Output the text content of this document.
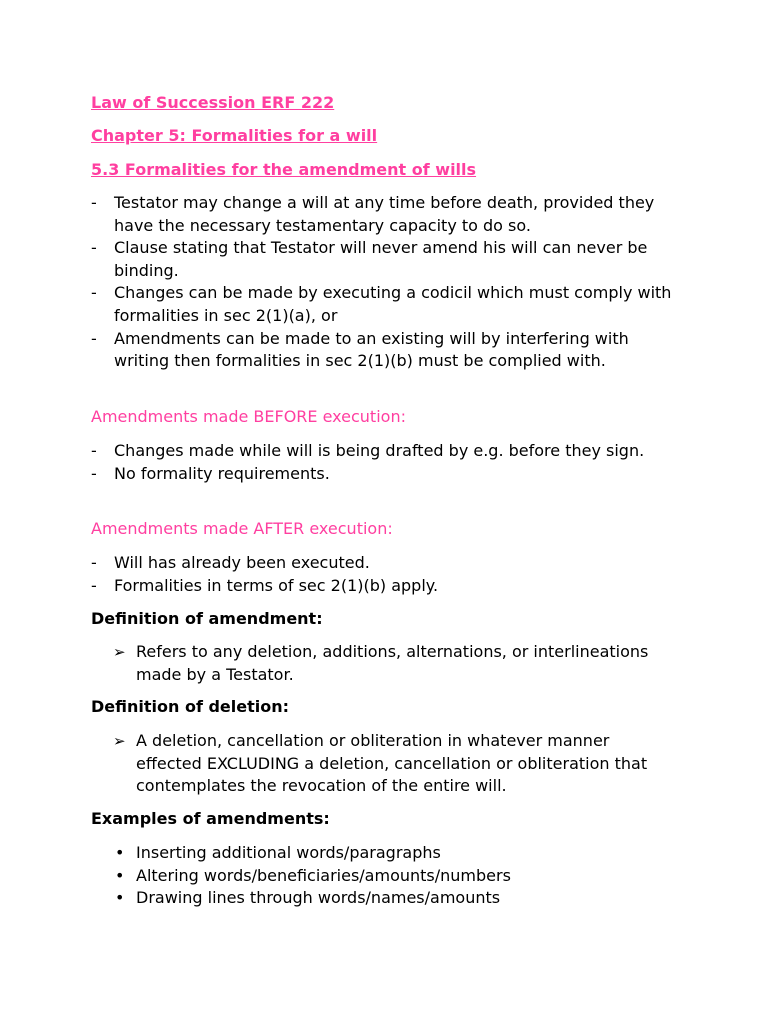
Law of Succession ERF 222
Chapter 5: Formalities for a will
5.3 Formalities for the amendment of wills
- Testator may change a will at any time before death, provided they have the necessary testamentary capacity to do so.
- Clause stating that Testator will never amend his will can never be binding.
- Changes can be made by executing a codicil which must comply with formalities in sec 2(1)(a), or
- Amendments can be made to an existing will by interfering with writing then formalities in sec 2(1)(b) must be complied with.

Amendments made BEFORE execution:

- Changes made while will is being drafted by e.g. before they sign.
- No formality requirements.

Amendments made AFTER execution:

- Will has already been executed.
- Formalities in terms of sec 2(1)(b) apply.

Definition of amendment:

➢ Refers to any deletion, additions, alternations, or interlineations made by a Testator.

Definition of deletion:

➢ A deletion, cancellation or obliteration in whatever manner effected EXCLUDING a deletion, cancellation or obliteration that contemplates the revocation of the entire will.

Examples of amendments:

• Inserting additional words/paragraphs
• Altering words/beneficiaries/amounts/numbers
• Drawing lines through words/names/amounts
